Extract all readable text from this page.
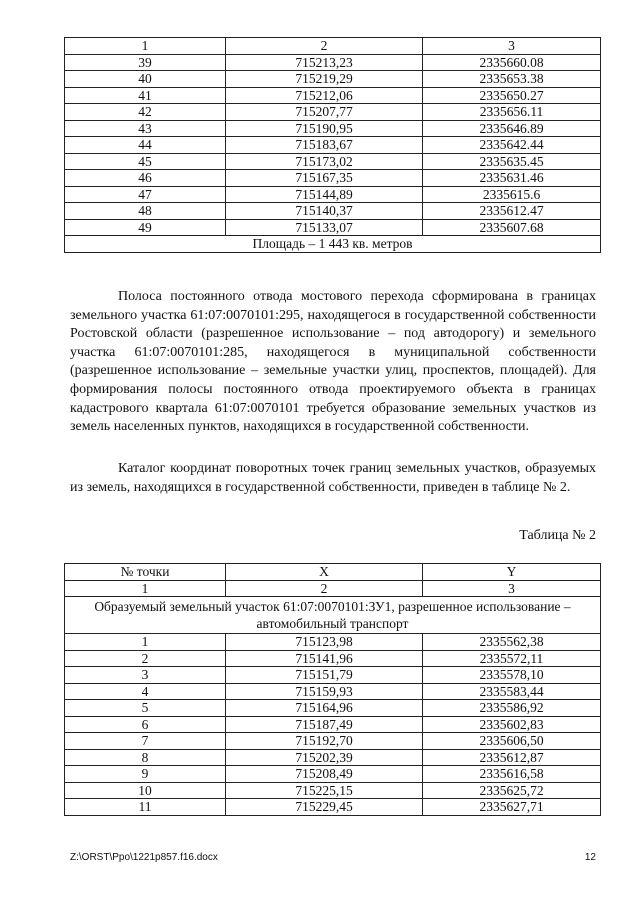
1	2	3
39	715213,23	2335660.08
40	715219,29	2335653.38
41	715212,06	2335650.27
42	715207,77	2335656.11
43	715190,95	2335646.89
44	715183,67	2335642.44
45	715173,02	2335635.45
46	715167,35	2335631.46
47	715144,89	2335615.6
48	715140,37	2335612.47
49	715133,07	2335607.68
Площадь – 1 443 кв. метров		

Полоса постоянного отвода мостового перехода сформирована в границах земельного участка 61:07:0070101:295, находящегося в государственной собственности Ростовской области (разрешенное использование – под автодорогу) и земельного участка 61:07:0070101:285, находящегося в муниципальной собственности (разрешенное использование – земельные участки улиц, проспектов, площадей). Для формирования полосы постоянного отвода проектируемого объекта в границах кадастрового квартала 61:07:0070101 требуется образование земельных участков из земель населенных пунктов, находящихся в государственной собственности.

Каталог координат поворотных точек границ земельных участков, образуемых из земель, находящихся в государственной собственности, приведен в таблице № 2.

Таблица № 2
№ точки	X	Y
1	2	3
Образуемый земельный участок 61:07:0070101:ЗУ1, разрешенное использование – автомобильный транспорт		
1	715123,98	2335562,38
2	715141,96	2335572,11
3	715151,79	2335578,10
4	715159,93	2335583,44
5	715164,96	2335586,92
6	715187,49	2335602,83
7	715192,70	2335606,50
8	715202,39	2335612,87
9	715208,49	2335616,58
10	715225,15	2335625,72
11	715229,45	2335627,71
Z:\ORST\Ppo\1221p857.f16.docx	12
